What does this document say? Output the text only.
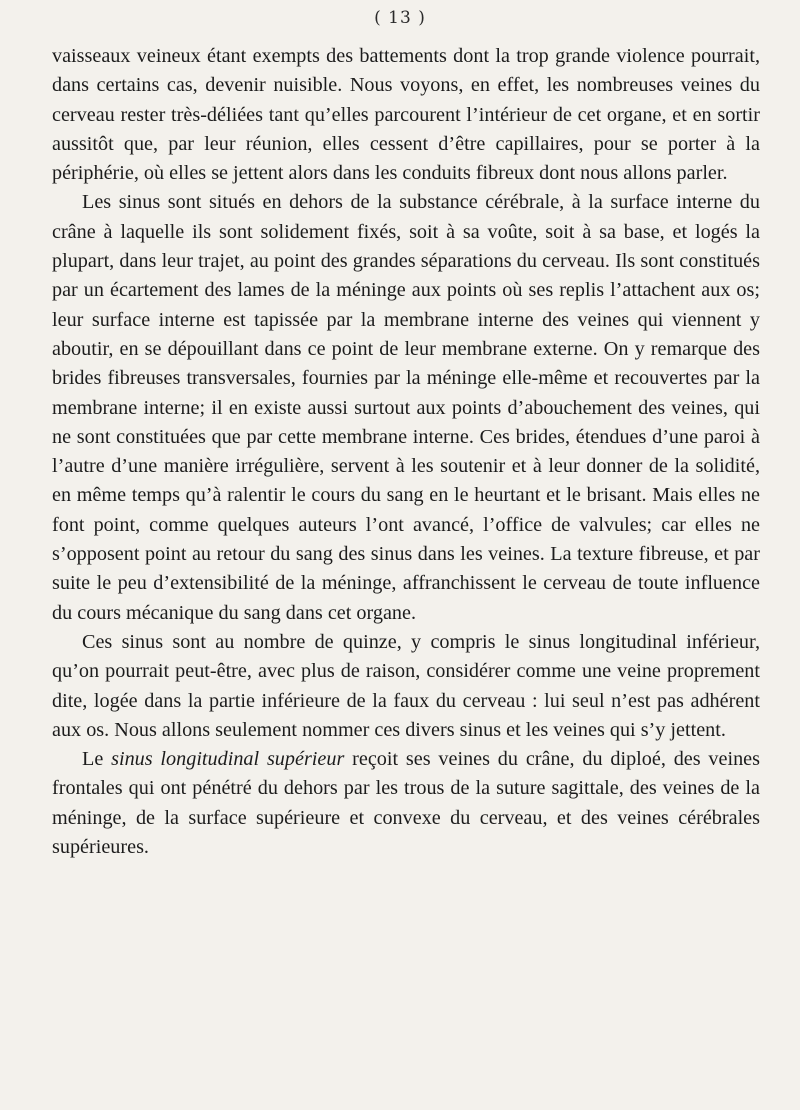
( 13 )

vaisseaux veineux étant exempts des battements dont la trop grande violence pourrait, dans certains cas, devenir nuisible. Nous voyons, en effet, les nombreuses veines du cerveau rester très-déliées tant qu’elles parcourent l’intérieur de cet organe, et en sortir aussitôt que, par leur réunion, elles cessent d’être capillaires, pour se porter à la périphérie, où elles se jettent alors dans les conduits fibreux dont nous allons parler.

Les sinus sont situés en dehors de la substance cérébrale, à la surface interne du crâne à laquelle ils sont solidement fixés, soit à sa voûte, soit à sa base, et logés la plupart, dans leur trajet, au point des grandes séparations du cerveau. Ils sont constitués par un écartement des lames de la méninge aux points où ses replis l’attachent aux os; leur surface interne est tapissée par la membrane interne des veines qui viennent y aboutir, en se dépouillant dans ce point de leur membrane externe. On y remarque des brides fibreuses transversales, fournies par la méninge elle-même et recouvertes par la membrane interne; il en existe aussi surtout aux points d’abouchement des veines, qui ne sont constituées que par cette membrane interne. Ces brides, étendues d’une paroi à l’autre d’une manière irrégulière, servent à les soutenir et à leur donner de la solidité, en même temps qu’à ralentir le cours du sang en le heurtant et le brisant. Mais elles ne font point, comme quelques auteurs l’ont avancé, l’office de valvules; car elles ne s’opposent point au retour du sang des sinus dans les veines. La texture fibreuse, et par suite le peu d’extensibilité de la méninge, affranchissent le cerveau de toute influence du cours mécanique du sang dans cet organe.

Ces sinus sont au nombre de quinze, y compris le sinus longitudinal inférieur, qu’on pourrait peut-être, avec plus de raison, considérer comme une veine proprement dite, logée dans la partie inférieure de la faux du cerveau : lui seul n’est pas adhérent aux os. Nous allons seulement nommer ces divers sinus et les veines qui s’y jettent.

Le sinus longitudinal supérieur reçoit ses veines du crâne, du diploé, des veines frontales qui ont pénétré du dehors par les trous de la suture sagittale, des veines de la méninge, de la surface supérieure et convexe du cerveau, et des veines cérébrales supérieures.
